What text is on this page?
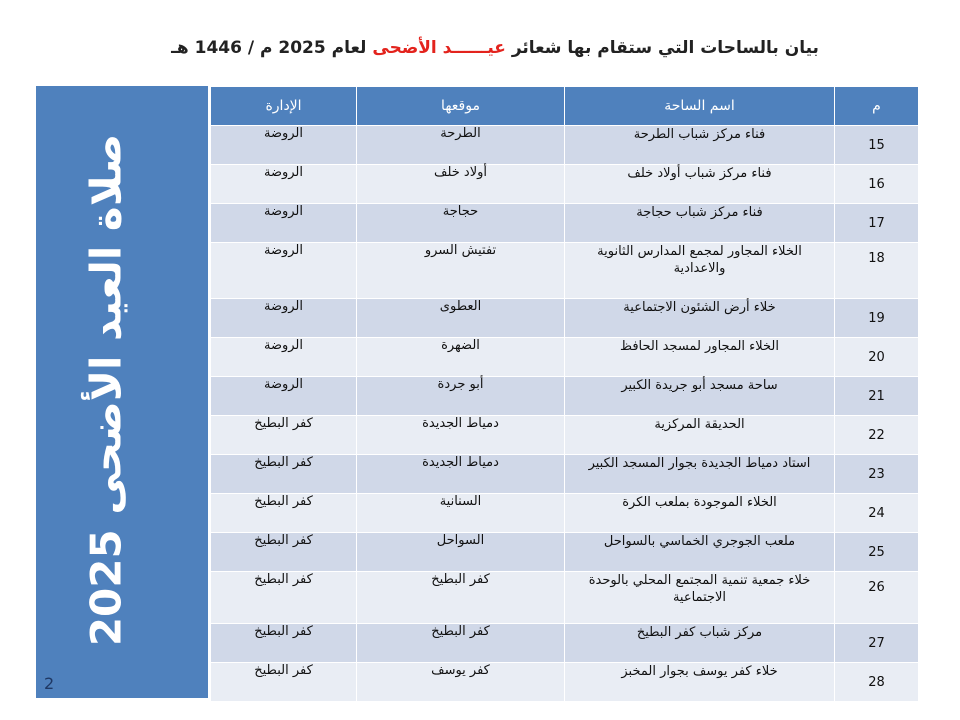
بيان بالساحات التي ستقام بها شعائر عيــــــد الأضحى لعام 2025 م / 1446 هـ
صلاة العيد الأضحى 2025
2
الإدارة	موقعها	اسم الساحة	م
الروضة	الطرحة	فناء مركز شباب الطرحة	15
الروضة	أولاد خلف	فناء مركز شباب أولاد خلف	16
الروضة	حجاجة	فناء مركز شباب حجاجة	17
الروضة	تفتيش السرو	الخلاء المجاور لمجمع المدارس الثانوية والاعدادية	18
الروضة	العطوى	خلاء أرض الشئون الاجتماعية	19
الروضة	الضهرة	الخلاء المجاور لمسجد الحافظ	20
الروضة	أبو جردة	ساحة مسجد أبو جريدة الكبير	21
كفر البطيخ	دمياط الجديدة	الحديقة المركزية	22
كفر البطيخ	دمياط الجديدة	استاد دمياط الجديدة بجوار المسجد الكبير	23
كفر البطيخ	السنانية	الخلاء الموجودة بملعب الكرة	24
كفر البطيخ	السواحل	ملعب الجوجري الخماسي بالسواحل	25
كفر البطيخ	كفر البطيخ	خلاء جمعية تنمية المجتمع المحلي بالوحدة الاجتماعية	26
كفر البطيخ	كفر البطيخ	مركز شباب كفر البطيخ	27
كفر البطيخ	كفر يوسف	خلاء كفر يوسف بجوار المخبز	28
